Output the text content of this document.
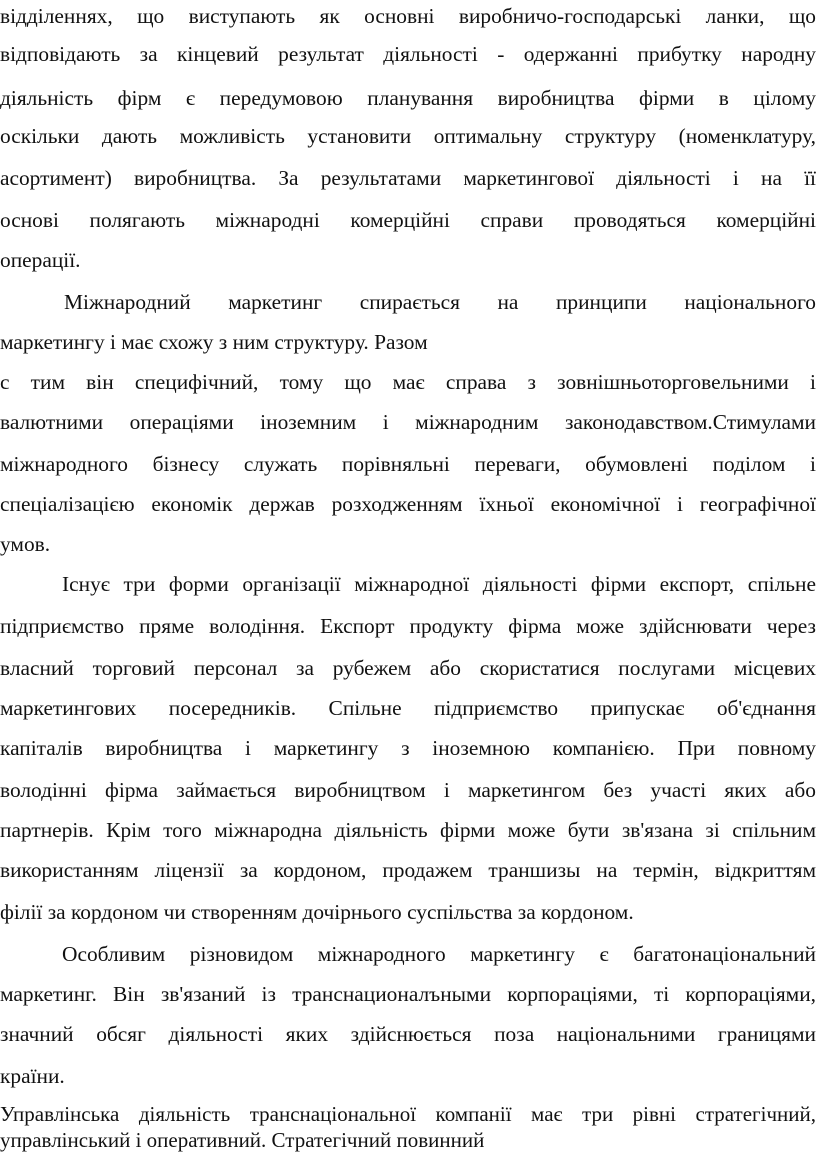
відділеннях, що виступають як основні виробничо-господарські ланки, що
відповідають за кінцевий результат діяльності - одержанні прибутку народну
діяльність фірм є передумовою планування виробництва фірми в цілому
оскільки дають можливість установити оптимальну структуру (номенклатуру,
асортимент) виробництва. За результатами маркетингової діяльності і на її
основі полягають міжнародні комерційні справи проводяться комерційні
операції.
Міжнародний маркетинг спирається на принципи національного
маркетингу і має схожу з ним структуру. Разом
с тим він специфічний, тому що має справа з зовнішньоторговельними і
валютними операціями іноземним і міжнародним законодавством.Стимулами
міжнародного бізнесу служать порівняльні переваги, обумовлені поділом і
спеціалізацією економік держав розходженням їхньої економічної і географічної
умов.
Існує три форми організації міжнародної діяльності фірми експорт, спільне
підприємство пряме володіння. Експорт продукту фірма може здійснювати через
власний торговий персонал за рубежем або скористатися послугами місцевих
маркетингових посередників. Спільне підприємство припускає об'єднання
капіталів виробництва і маркетингу з іноземною компанією. При повному
володінні фірма займається виробництвом і маркетингом без участі яких або
партнерів. Крім того міжнародна діяльність фірми може бути зв'язана зі спільним
використанням ліцензії за кордоном, продажем траншизы на термін, відкриттям
філії за кордоном чи створенням дочірнього суспільства за кордоном.
Особливим різновидом міжнародного маркетингу є багатонаціональний
маркетинг. Він зв'язаний із транснационалъными корпораціями, ті корпораціями,
значний обсяг діяльності яких здійснюється поза національними границями
країни.
Управлінська діяльність транснаціональної компанії має три рівні стратегічний,
управлінський і оперативний. Стратегічний повинний
